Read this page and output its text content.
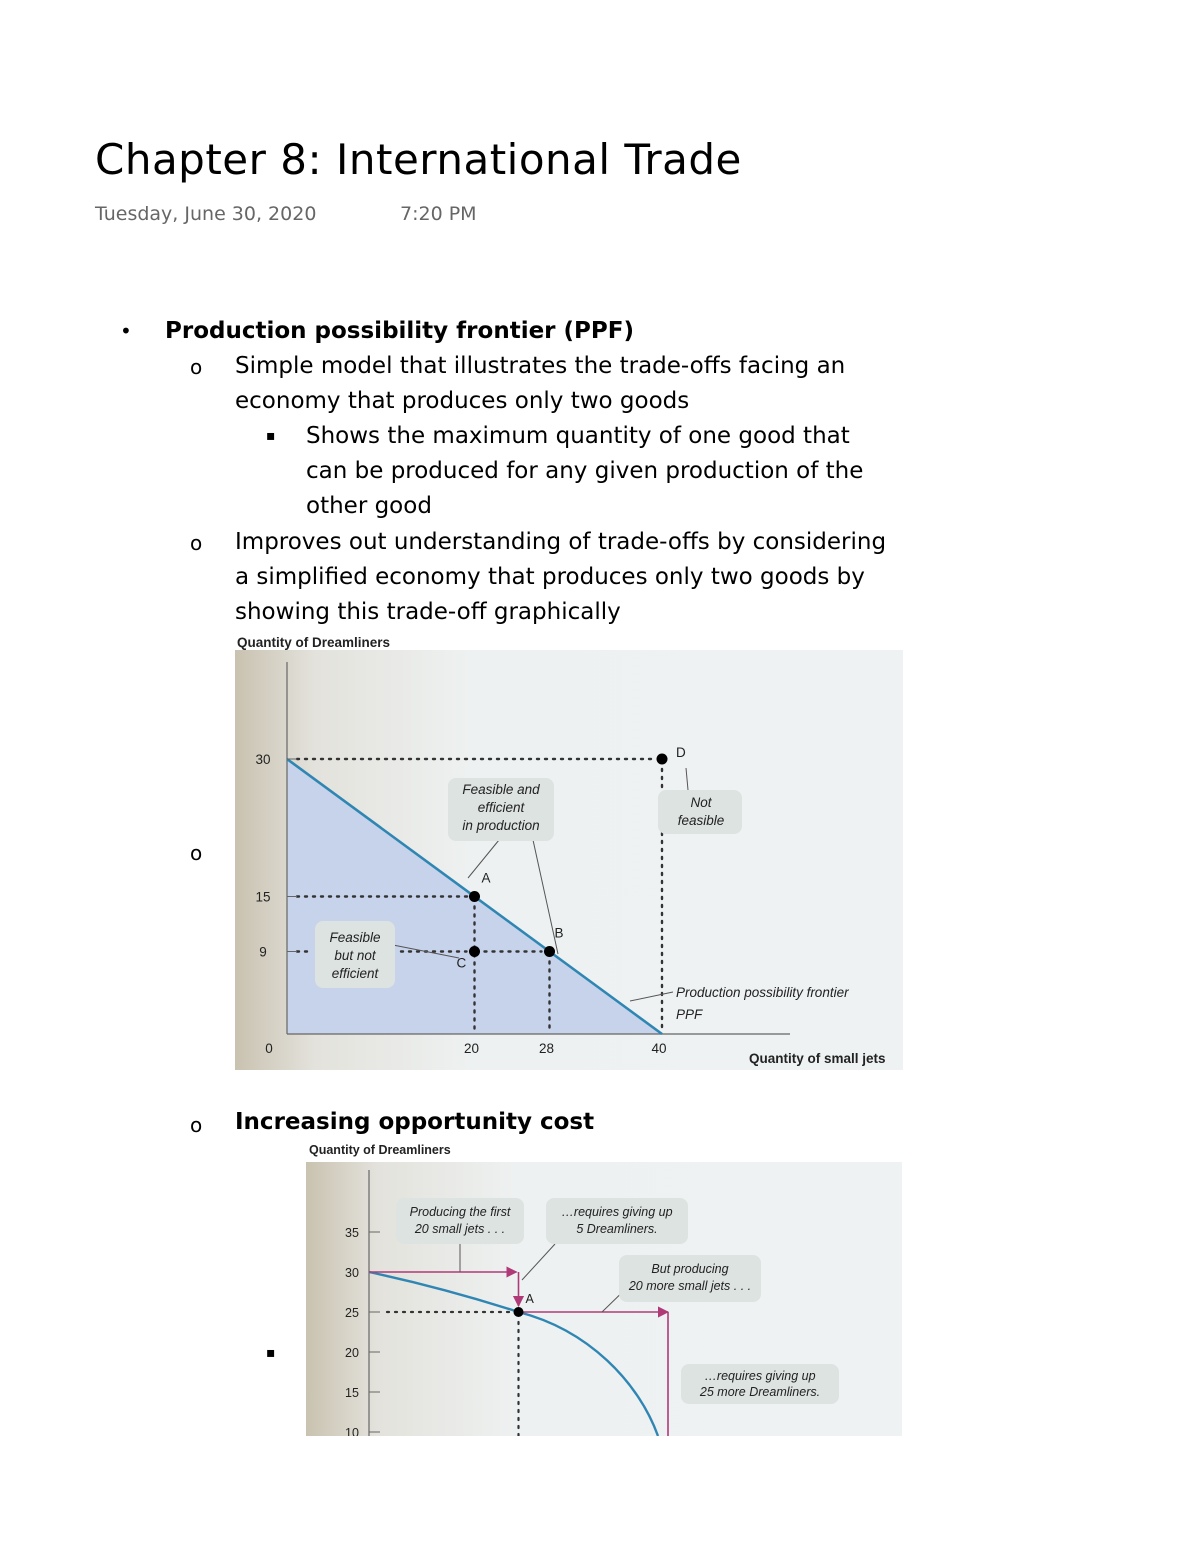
Chapter 8: International Trade
Tuesday, June 30, 2020	7:20 PM
• Production possibility frontier (PPF)
o Simple model that illustrates the trade-offs facing an
economy that produces only two goods
▪ Shows the maximum quantity of one good that
can be produced for any given production of the
other good
o Improves out understanding of trade-offs by considering
a simplified economy that produces only two goods by
showing this trade-off graphically
o
Quantity of Dreamliners
Quantity of small jets
30
15
9
20	28	40
0
A
B
C
D
Feasible and
efficient
in production
Not
feasible
Feasible
but not
efficient
Production possibility frontier
PPF
o Increasing opportunity cost
▪
Quantity of Dreamliners
35
30
25
20
15
10
A
Producing the first
20 small jets . . .
…requires giving up
5 Dreamliners.
But producing
20 more small jets . . .
…requires giving up
25 more Dreamliners.
